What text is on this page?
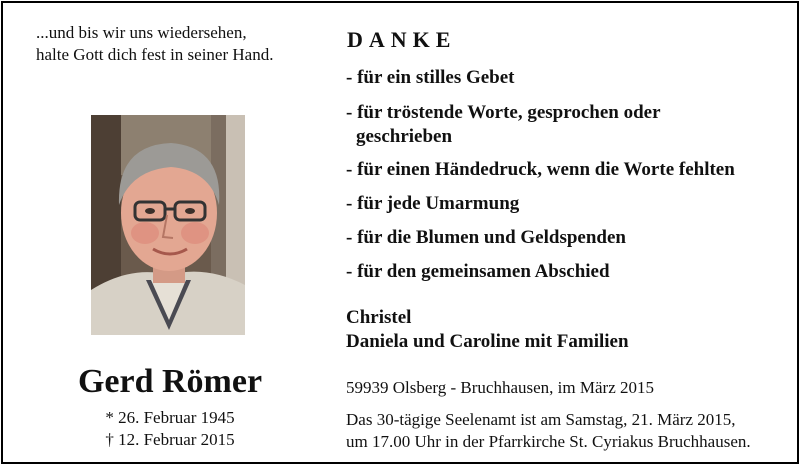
...und bis wir uns wiedersehen,
halte Gott dich fest in seiner Hand.
Gerd Römer
* 26. Februar 1945
† 12. Februar 2015
DANKE
- für ein stilles Gebet
- für tröstende Worte, gesprochen oder
geschrieben
- für einen Händedruck, wenn die Worte fehlten
- für jede Umarmung
- für die Blumen und Geldspenden
- für den gemeinsamen Abschied
Christel
Daniela und Caroline mit Familien
59939 Olsberg - Bruchhausen, im März 2015
Das 30-tägige Seelenamt ist am Samstag, 21. März 2015,
um 17.00 Uhr in der Pfarrkirche St. Cyriakus Bruchhausen.
